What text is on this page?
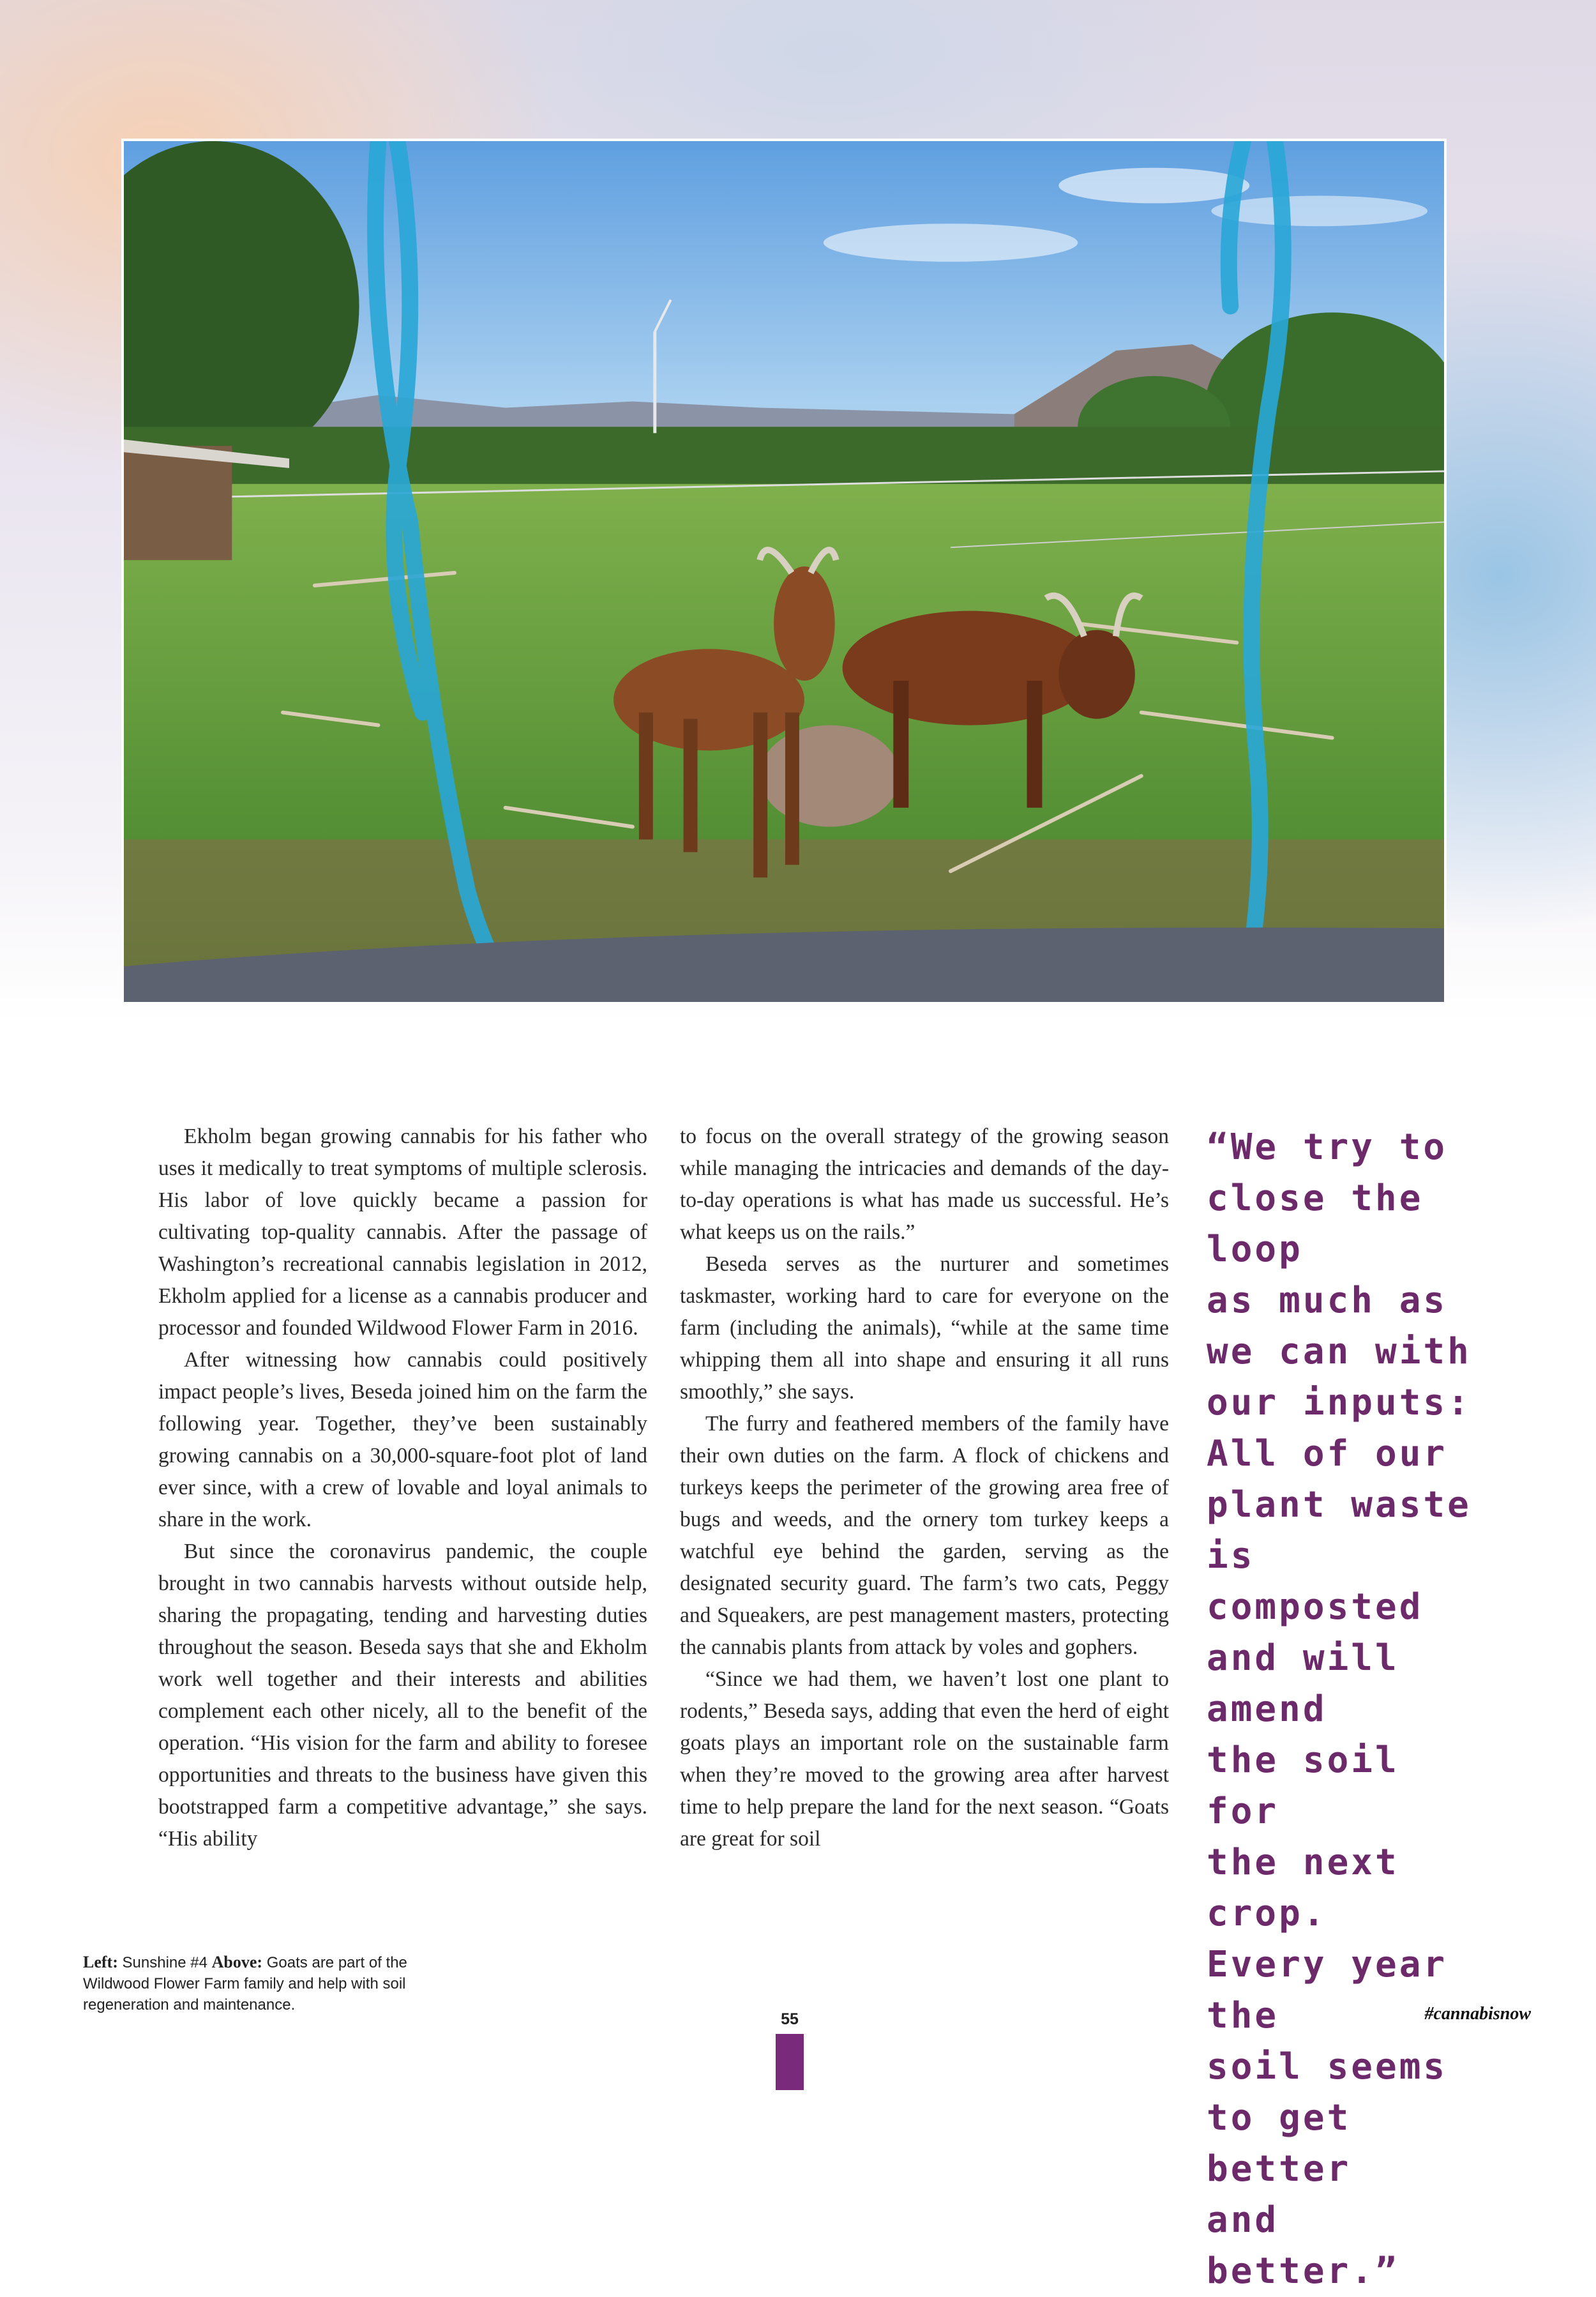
Ekholm began growing cannabis for his father who uses it medically to treat symptoms of multiple sclerosis. His labor of love quickly became a passion for cultivating top-quality cannabis. After the passage of Washington’s recreational cannabis legislation in 2012, Ekholm applied for a license as a cannabis producer and processor and founded Wildwood Flower Farm in 2016.

After witnessing how cannabis could positively impact people’s lives, Beseda joined him on the farm the following year. Together, they’ve been sustainably growing cannabis on a 30,000-square-foot plot of land ever since, with a crew of lovable and loyal animals to share in the work.

But since the coronavirus pandemic, the couple brought in two cannabis harvests without outside help, sharing the propagating, tending and harvesting duties throughout the season. Beseda says that she and Ekholm work well together and their interests and abilities complement each other nicely, all to the benefit of the operation. “His vision for the farm and ability to foresee opportunities and threats to the business have given this bootstrapped farm a competitive advantage,” she says. “His ability

to focus on the overall strategy of the growing season while managing the intricacies and demands of the day-to-day operations is what has made us successful. He’s what keeps us on the rails.”

Beseda serves as the nurturer and sometimes taskmaster, working hard to care for everyone on the farm (including the animals), “while at the same time whipping them all into shape and ensuring it all runs smoothly,” she says.

The furry and feathered members of the family have their own duties on the farm. A flock of chickens and turkeys keeps the perimeter of the growing area free of bugs and weeds, and the ornery tom turkey keeps a watchful eye behind the garden, serving as the designated security guard. The farm’s two cats, Peggy and Squeakers, are pest management masters, protecting the cannabis plants from attack by voles and gophers.

“Since we had them, we haven’t lost one plant to rodents,” Beseda says, adding that even the herd of eight goats plays an important role on the sustainable farm when they’re moved to the growing area after harvest time to help prepare the land for the next season. “Goats are great for soil

“We try to
close the loop
as much as
we can with
our inputs:
All of our
plant waste
is composted
and will amend
the soil for
the next crop.
Every year the
soil seems
to get better
and better.”
Left: Sunshine #4 Above: Goats are part of the Wildwood Flower Farm family and help with soil regeneration and maintenance.
55	#cannabisnow
